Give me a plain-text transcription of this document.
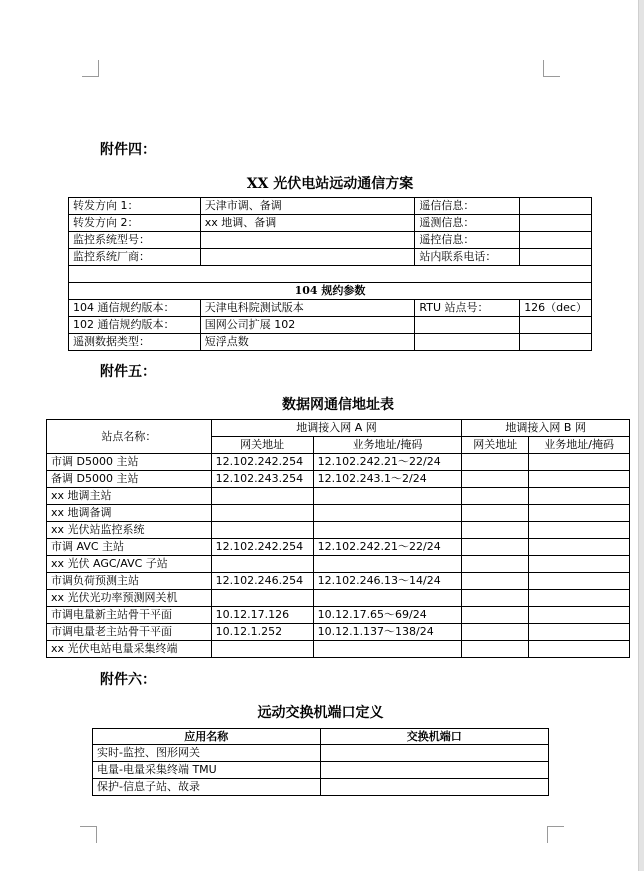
附件四：
XX 光伏电站远动通信方案
转发方向 1：	天津市调、备调	遥信信息：	
转发方向 2：	xx 地调、备调	遥测信息：	
监控系统型号：		遥控信息：	
监控系统厂商：		站内联系电话：	

104 规约参数			
104 通信规约版本：	天津电科院测试版本	RTU 站点号：	126（dec）
102 通信规约版本：	国网公司扩展 102		
遥测数据类型：	短浮点数		
附件五：
数据网通信地址表
站点名称：	地调接入网 A 网		地调接入网 B 网	
	网关地址	业务地址/掩码	网关地址	业务地址/掩码
市调 D5000 主站	12.102.242.254	12.102.242.21～22/24		
备调 D5000 主站	12.102.243.254	12.102.243.1～2/24		
xx 地调主站				
xx 地调备调				
xx 光伏站监控系统				
市调 AVC 主站	12.102.242.254	12.102.242.21～22/24		
xx 光伏 AGC/AVC 子站				
市调负荷预测主站	12.102.246.254	12.102.246.13～14/24		
xx 光伏光功率预测网关机				
市调电量新主站骨干平面	10.12.17.126	10.12.17.65～69/24		
市调电量老主站骨干平面	10.12.1.252	10.12.1.137～138/24		
xx 光伏电站电量采集终端				
附件六：
远动交换机端口定义
应用名称	交换机端口
实时-监控、图形网关	
电量-电量采集终端 TMU	
保护-信息子站、故录	
